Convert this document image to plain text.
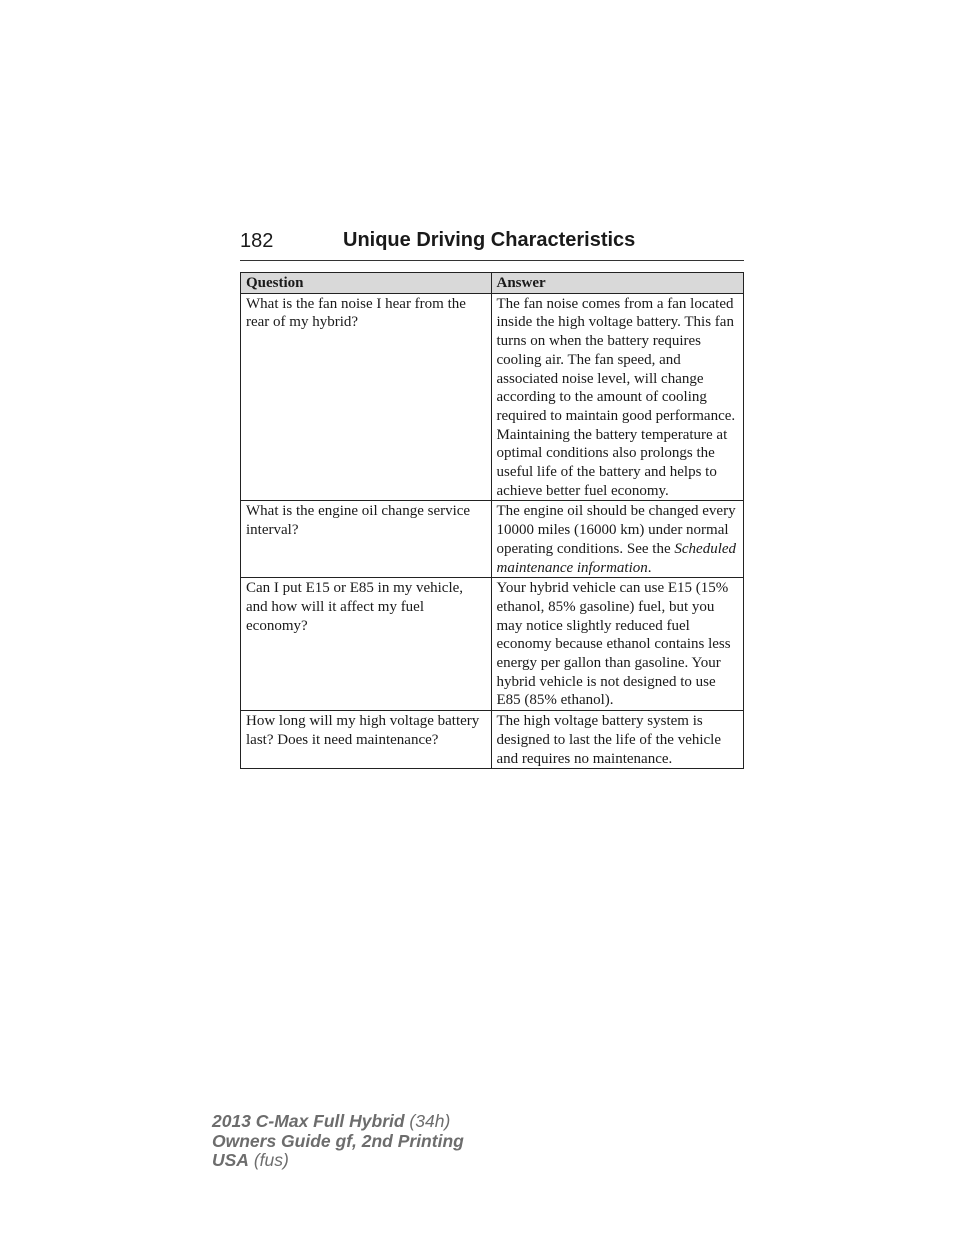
182	Unique Driving Characteristics
Question	Answer
What is the fan noise I hear from the rear of my hybrid?	The fan noise comes from a fan located inside the high voltage battery. This fan turns on when the battery requires cooling air. The fan speed, and associated noise level, will change according to the amount of cooling required to maintain good performance. Maintaining the battery temperature at optimal conditions also prolongs the useful life of the battery and helps to achieve better fuel economy.
What is the engine oil change service interval?	The engine oil should be changed every 10000 miles (16000 km) under normal operating conditions. See the Scheduled maintenance information.
Can I put E15 or E85 in my vehicle, and how will it affect my fuel economy?	Your hybrid vehicle can use E15 (15% ethanol, 85% gasoline) fuel, but you may notice slightly reduced fuel economy because ethanol contains less energy per gallon than gasoline. Your hybrid vehicle is not designed to use E85 (85% ethanol).
How long will my high voltage battery last? Does it need maintenance?	The high voltage battery system is designed to last the life of the vehicle and requires no maintenance.
2013 C-Max Full Hybrid (34h)
Owners Guide gf, 2nd Printing
USA (fus)
